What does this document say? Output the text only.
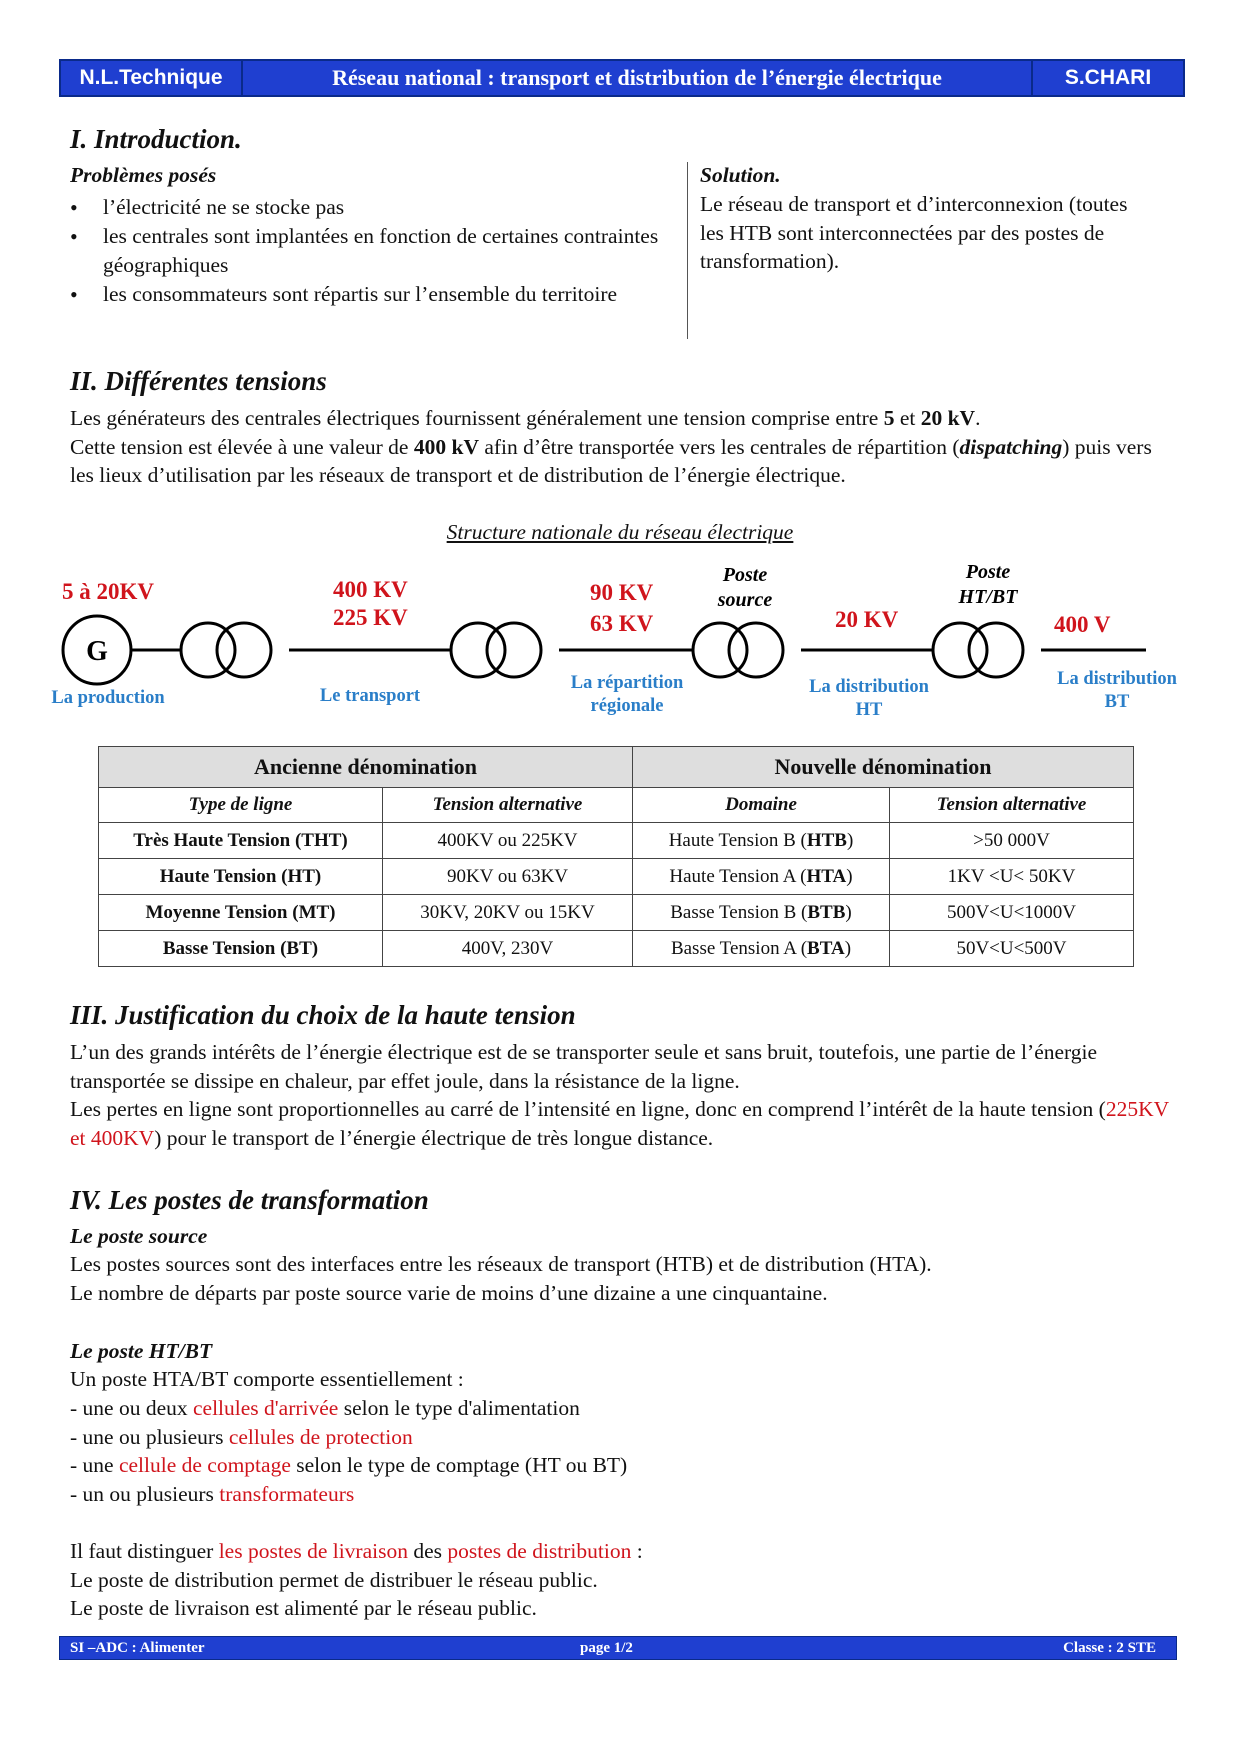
N.L.Technique	Réseau national : transport et distribution de l’énergie électrique	S.CHARI
I. Introduction.
Problèmes posés
• l’électricité ne se stocke pas
• les centrales sont implantées en fonction de certaines contraintes géographiques
• les consommateurs sont répartis sur l’ensemble du territoire
Solution.
Le réseau de transport et d’interconnexion (toutes les HTB sont interconnectées par des postes de transformation).
II. Différentes tensions
Les générateurs des centrales électriques fournissent généralement une tension comprise entre 5 et 20 kV.
Cette tension est élevée à une valeur de 400 kV afin d’être transportée vers les centrales de répartition (dispatching) puis vers les lieux d’utilisation par les réseaux de transport et de distribution de l’énergie électrique.
Structure nationale du réseau électrique
G
5 à 20KV	400 KV
225 KV
90 KV
63 KV	20 KV	400 V
Poste
source
Poste
HT/BT
La production	Le transport
La répartition
régionale
La distribution
HT
La distribution
BT
Ancienne dénomination		Nouvelle dénomination	
Type de ligne	Tension alternative	Domaine	Tension alternative
Très Haute Tension (THT)	400KV ou 225KV	Haute Tension B (HTB)	>50 000V
Haute Tension (HT)	90KV ou 63KV	Haute Tension A (HTA)	1KV <U< 50KV
Moyenne Tension (MT)	30KV, 20KV ou 15KV	Basse Tension B (BTB)	500V<U<1000V
Basse Tension (BT)	400V, 230V	Basse Tension A (BTA)	50V<U<500V
III. Justification du choix de la haute tension
L’un des grands intérêts de l’énergie électrique est de se transporter seule et sans bruit, toutefois, une partie de l’énergie transportée se dissipe en chaleur, par effet joule, dans la résistance de la ligne.
Les pertes en ligne sont proportionnelles au carré de l’intensité en ligne, donc en comprend l’intérêt de la haute tension (225KV et 400KV) pour le transport de l’énergie électrique de très longue distance.
IV. Les postes de transformation
Le poste source
Les postes sources sont des interfaces entre les réseaux de transport (HTB) et de distribution (HTA).
Le nombre de départs par poste source varie de moins d’une dizaine a une cinquantaine.
Le poste HT/BT
Un poste HTA/BT comporte essentiellement :
- une ou deux cellules d'arrivée selon le type d'alimentation
- une ou plusieurs cellules de protection
- une cellule de comptage selon le type de comptage (HT ou BT)
- un ou plusieurs transformateurs
Il faut distinguer les postes de livraison des postes de distribution :
Le poste de distribution permet de distribuer le réseau public.
Le poste de livraison est alimenté par le réseau public.
SI –ADC : Alimenter	page 1/2	Classe : 2 STE
